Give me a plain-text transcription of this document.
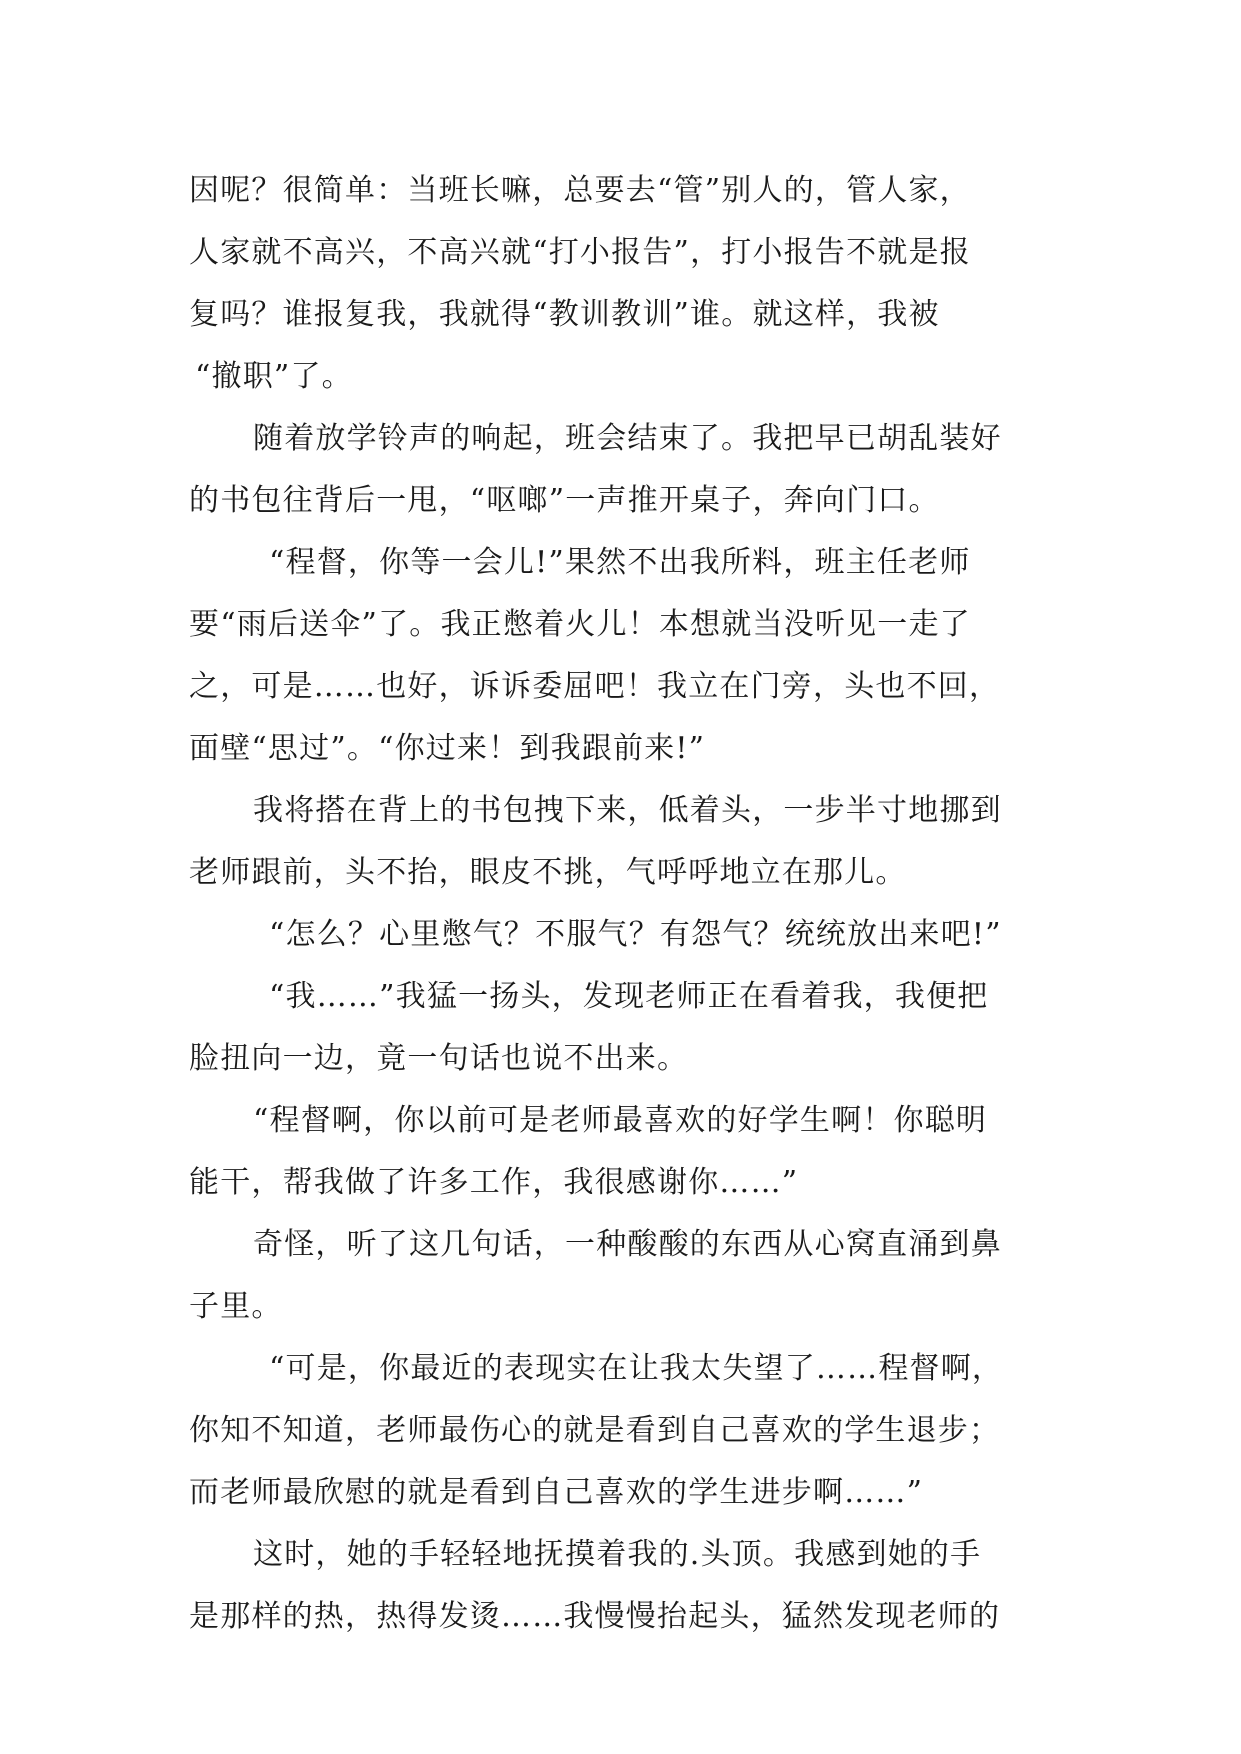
因呢？很简单：当班长嘛，总要去“管”别人的，管人家，
人家就不高兴，不高兴就“打小报告”，打小报告不就是报
复吗？谁报复我，我就得“教训教训”谁。就这样，我被
“撤职”了。
随着放学铃声的响起，班会结束了。我把早已胡乱装好
的书包往背后一甩，“呕啷”一声推开桌子，奔向门口。
“程督，你等一会儿!”果然不出我所料，班主任老师
要“雨后送伞”了。我正憋着火儿！本想就当没听见一走了
之，可是……也好，诉诉委屈吧！我立在门旁，头也不回，
面壁“思过”。“你过来！到我跟前来!”
我将搭在背上的书包拽下来，低着头，一步半寸地挪到
老师跟前，头不抬，眼皮不挑，气呼呼地立在那儿。
“怎么？心里憋气？不服气？有怨气？统统放出来吧!”
“我……”我猛一扬头，发现老师正在看着我，我便把
脸扭向一边，竟一句话也说不出来。
“程督啊，你以前可是老师最喜欢的好学生啊！你聪明
能干，帮我做了许多工作，我很感谢你……”
奇怪，听了这几句话，一种酸酸的东西从心窝直涌到鼻
子里。
“可是，你最近的表现实在让我太失望了……程督啊，
你知不知道，老师最伤心的就是看到自己喜欢的学生退步；
而老师最欣慰的就是看到自己喜欢的学生进步啊……”
这时，她的手轻轻地抚摸着我的.头顶。我感到她的手
是那样的热，热得发烫……我慢慢抬起头，猛然发现老师的
